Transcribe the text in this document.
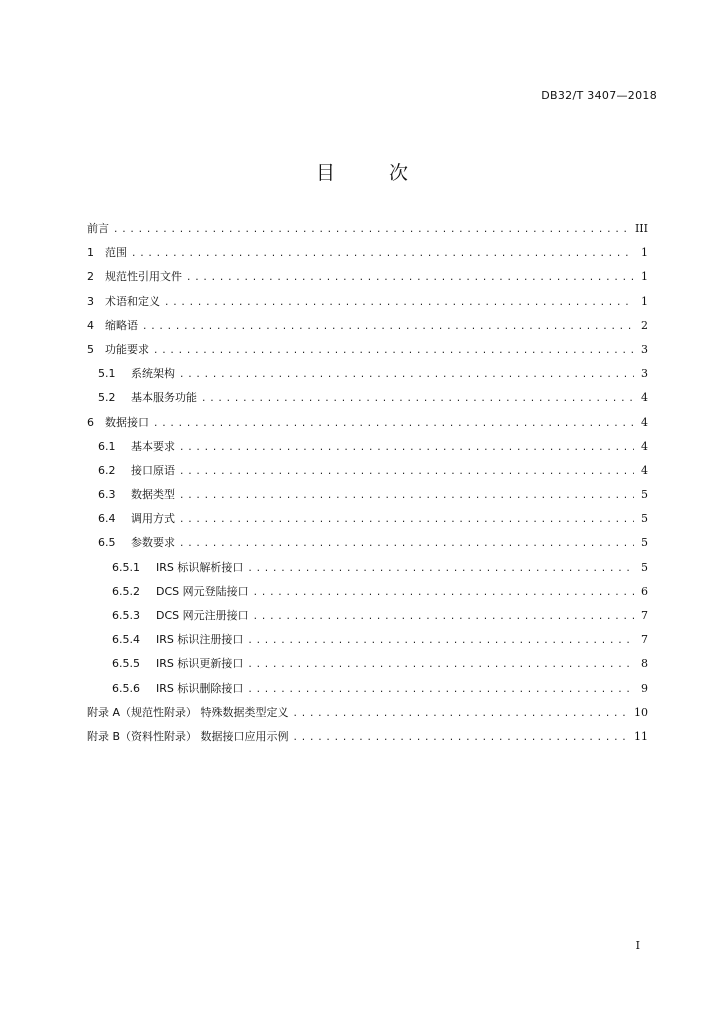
DB32/T 3407—2018
目 次
前言 .....	III
1	范围 .....	1
2	规范性引用文件 .....	1
3	术语和定义 .....	1
4	缩略语 .....	2
5	功能要求 .....	3
5.1	系统架构 .....	3
5.2	基本服务功能 .....	4
6	数据接口 .....	4
6.1	基本要求 .....	4
6.2	接口原语 .....	4
6.3	数据类型 .....	5
6.4	调用方式 .....	5
6.5	参数要求 .....	5
6.5.1	IRS 标识解析接口 .....	5
6.5.2	DCS 网元登陆接口 .....	6
6.5.3	DCS 网元注册接口 .....	7
6.5.4	IRS 标识注册接口 .....	7
6.5.5	IRS 标识更新接口 .....	8
6.5.6	IRS 标识删除接口 .....	9
附录 A（规范性附录） 特殊数据类型定义 .....	10
附录 B（资料性附录） 数据接口应用示例 .....	11
I
